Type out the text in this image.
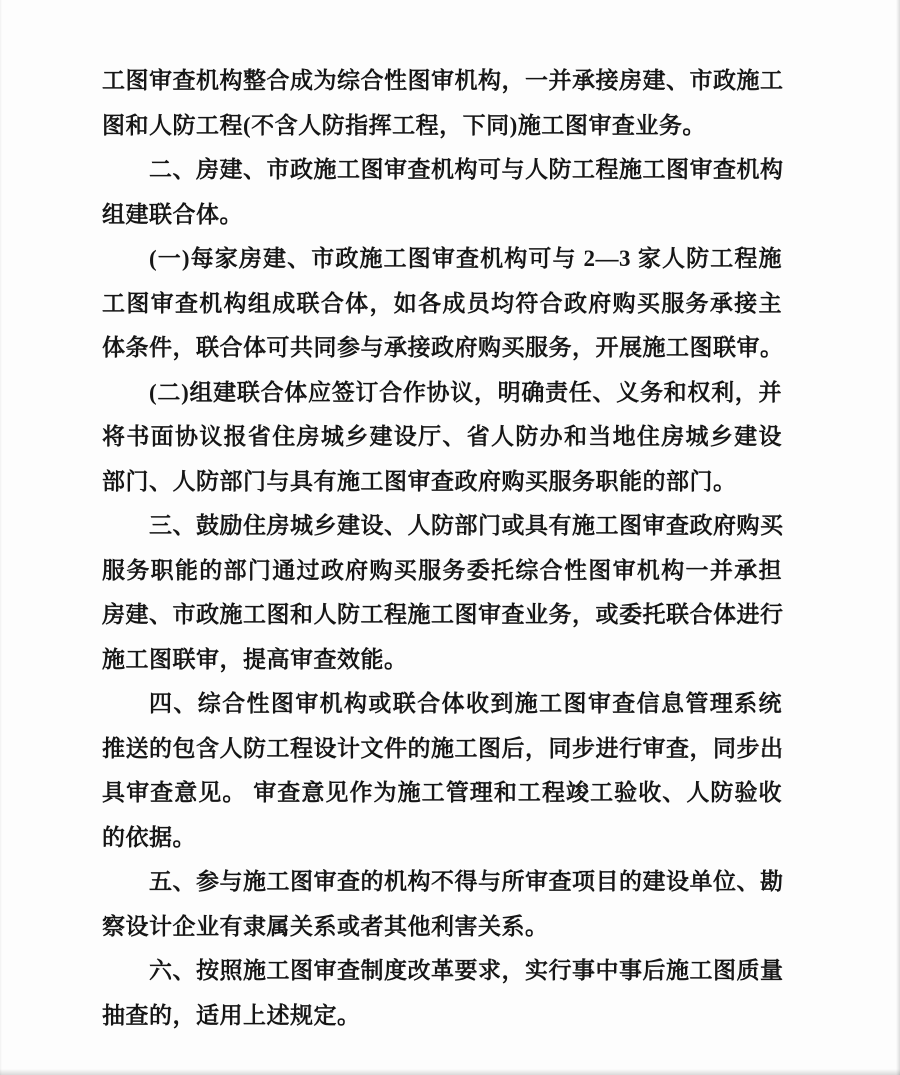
工图审查机构整合成为综合性图审机构，一并承接房建、市政施工
图和人防工程(不含人防指挥工程，下同)施工图审查业务。
二、房建、市政施工图审查机构可与人防工程施工图审查机构
组建联合体。
(一)每家房建、市政施工图审查机构可与 2—3 家人防工程施
工图审查机构组成联合体，如各成员均符合政府购买服务承接主
体条件，联合体可共同参与承接政府购买服务，开展施工图联审。
(二)组建联合体应签订合作协议，明确责任、义务和权利，并
将书面协议报省住房城乡建设厅、省人防办和当地住房城乡建设
部门、人防部门与具有施工图审查政府购买服务职能的部门。
三、鼓励住房城乡建设、人防部门或具有施工图审查政府购买
服务职能的部门通过政府购买服务委托综合性图审机构一并承担
房建、市政施工图和人防工程施工图审查业务，或委托联合体进行
施工图联审，提高审查效能。
四、综合性图审机构或联合体收到施工图审查信息管理系统
推送的包含人防工程设计文件的施工图后，同步进行审查，同步出
具审查意见。 审查意见作为施工管理和工程竣工验收、人防验收
的依据。
五、参与施工图审查的机构不得与所审查项目的建设单位、勘
察设计企业有隶属关系或者其他利害关系。
六、按照施工图审查制度改革要求，实行事中事后施工图质量
抽查的，适用上述规定。
